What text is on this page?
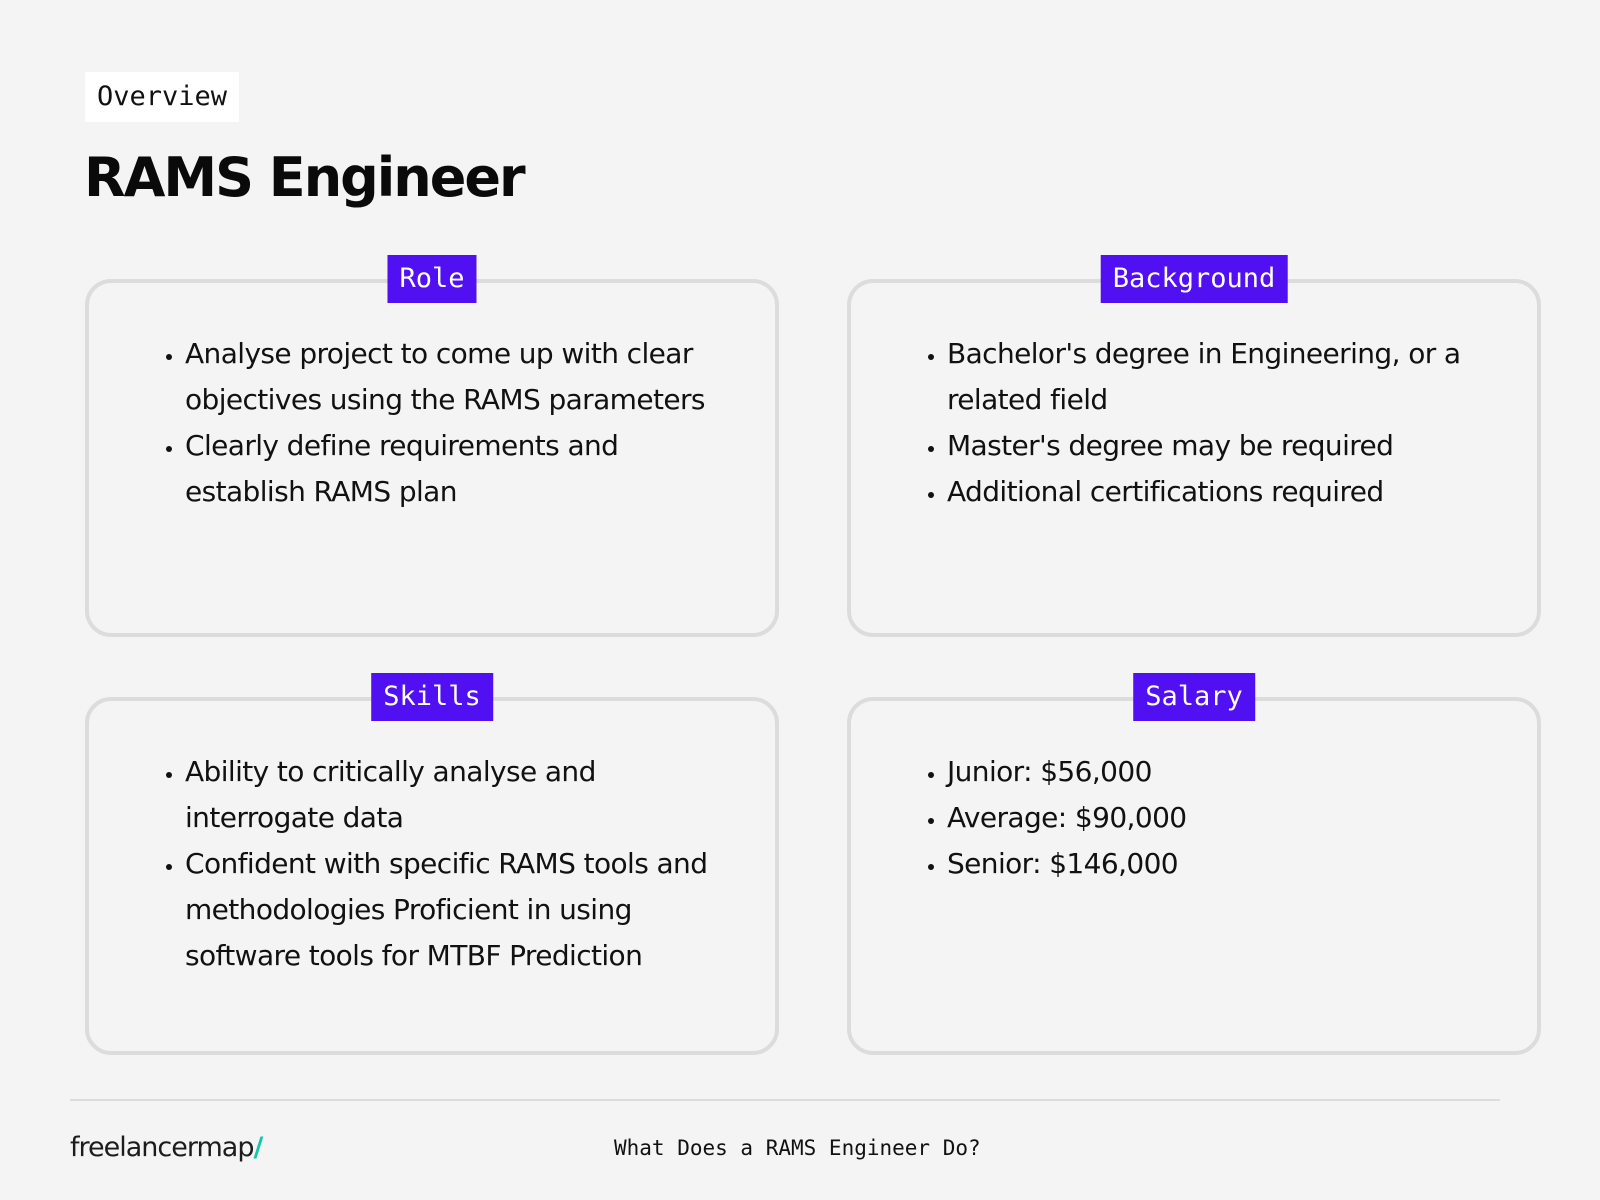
Overview
RAMS Engineer
Role
• Analyse project to come up with clear objectives using the RAMS parameters
• Clearly define requirements and establish RAMS plan
Background
• Bachelor's degree in Engineering, or a related field
• Master's degree may be required
• Additional certifications required
Skills
• Ability to critically analyse and interrogate data
• Confident with specific RAMS tools and methodologies Proficient in using software tools for MTBF Prediction
Salary
• Junior: $56,000
• Average: $90,000
• Senior: $146,000
freelancermap/	What Does a RAMS Engineer Do?
